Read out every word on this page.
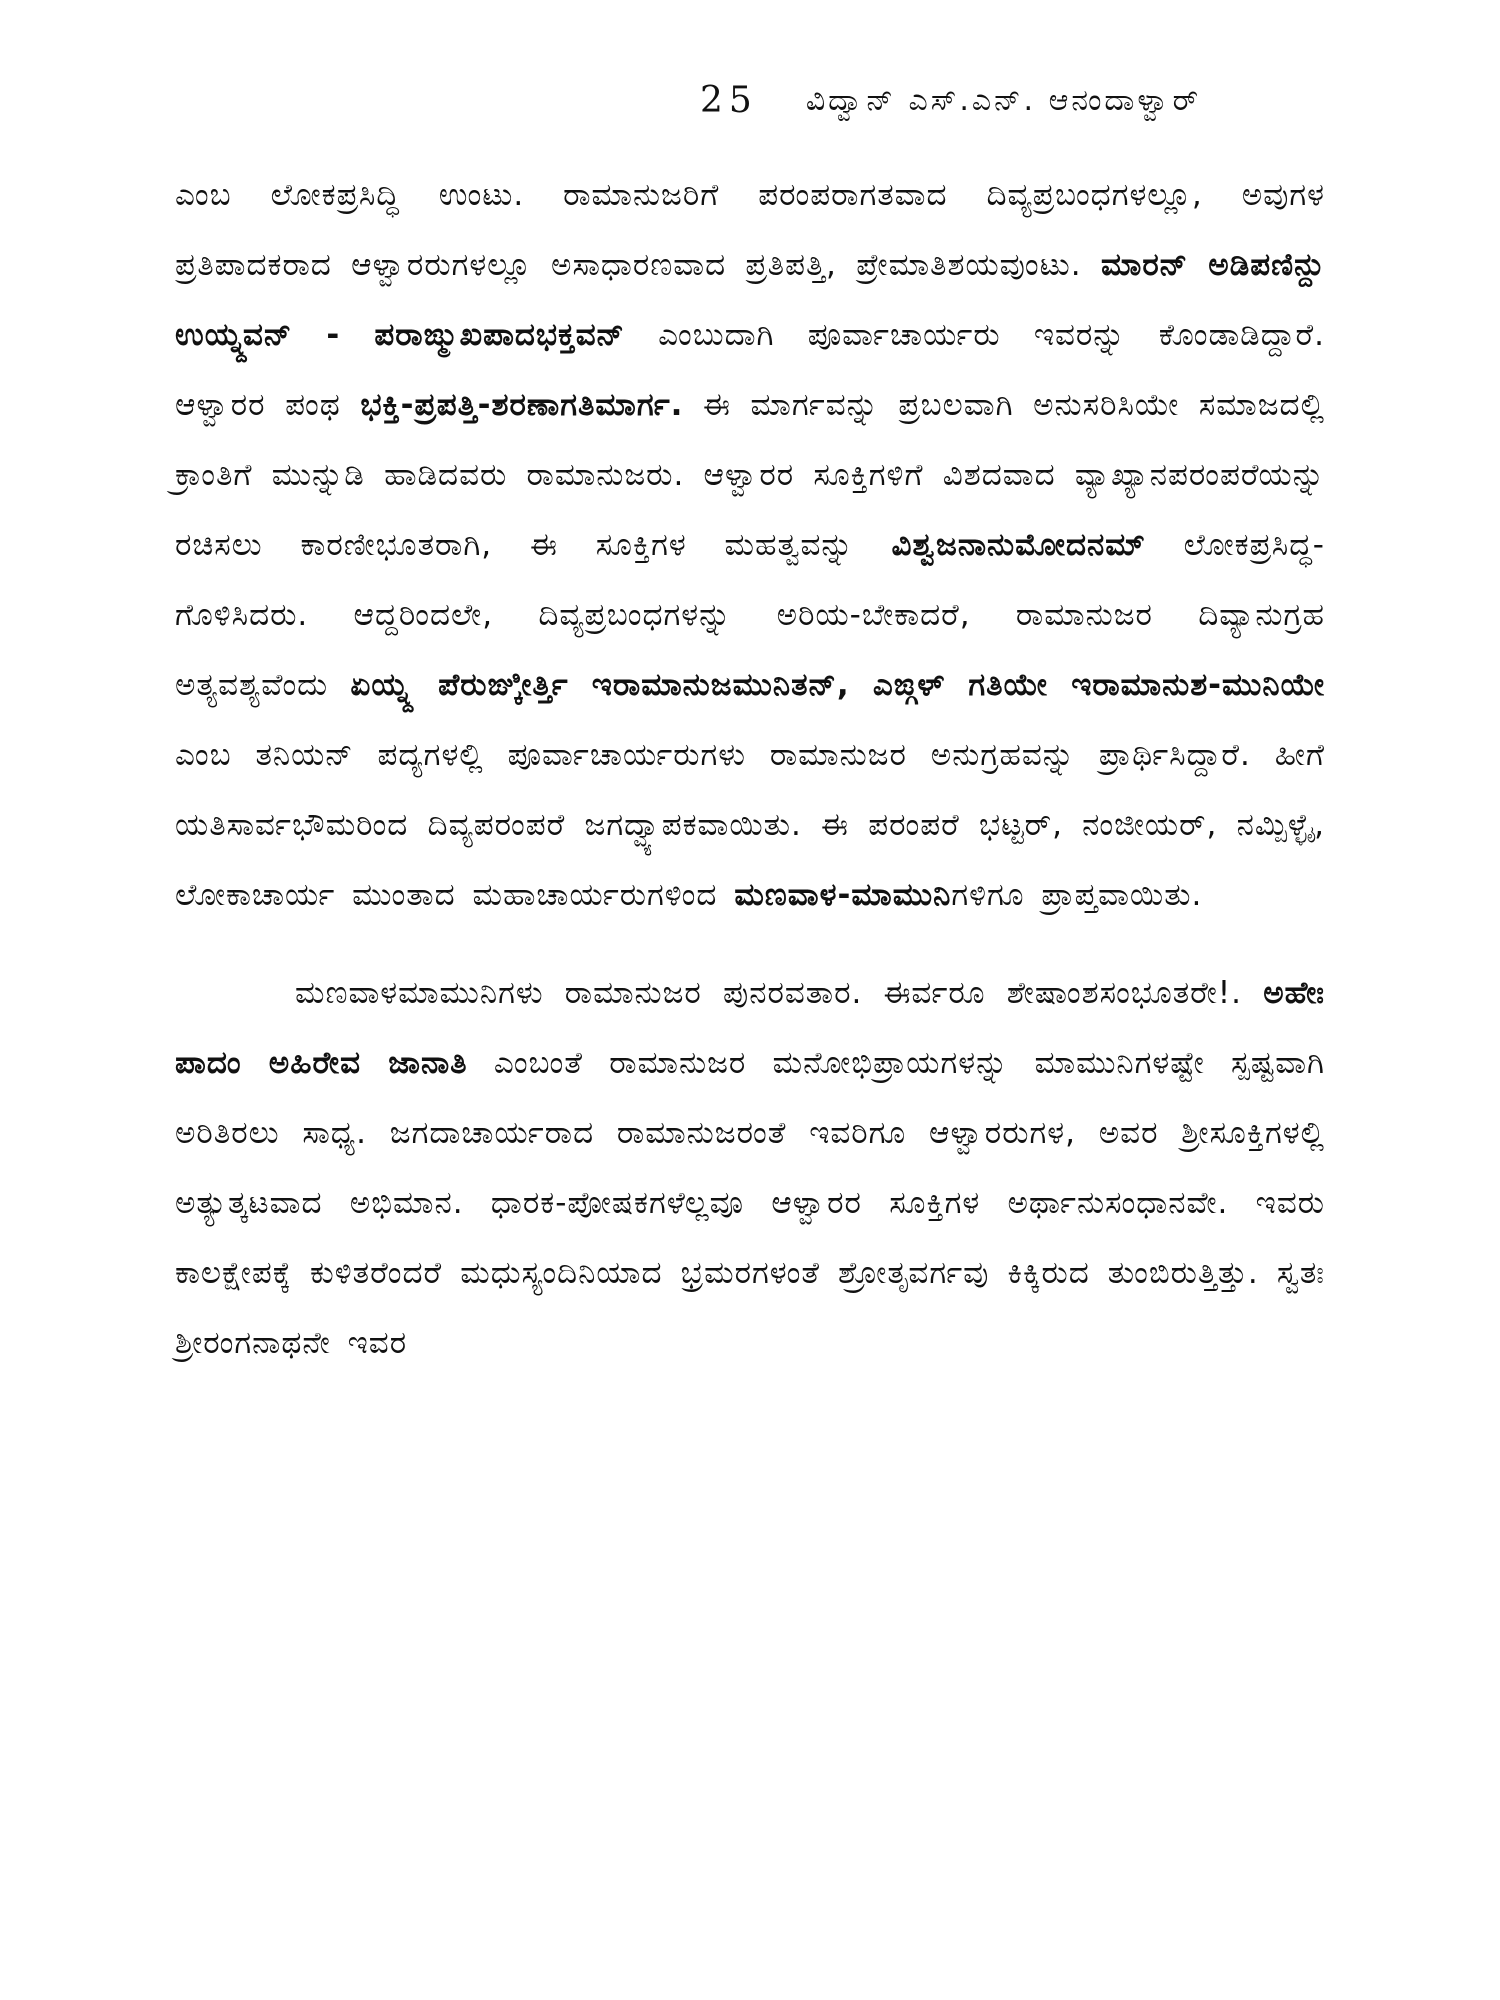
25 ವಿದ್ವಾನ್ ಎಸ್.ಎನ್. ಆನಂದಾಳ್ವಾರ್

ಎಂಬ ಲೋಕಪ್ರಸಿದ್ಧಿ ಉಂಟು. ರಾಮಾನುಜರಿಗೆ ಪರಂಪರಾಗತವಾದ ದಿವ್ಯಪ್ರಬಂಧಗಳಲ್ಲೂ, ಅವುಗಳ ಪ್ರತಿಪಾದಕರಾದ ಆಳ್ವಾರರುಗಳಲ್ಲೂ ಅಸಾಧಾರಣವಾದ ಪ್ರತಿಪತ್ತಿ, ಪ್ರೇಮಾತಿಶಯವುಂಟು. ಮಾರನ್ ಅಡಿಪಣಿನ್ದು ಉಯ್ನ್ದವನ್ - ಪರಾಙ್ಮುಖಪಾದಭಕ್ತವನ್ ಎಂಬುದಾಗಿ ಪೂರ್ವಾಚಾರ್ಯರು ಇವರನ್ನು ಕೊಂಡಾಡಿದ್ದಾರೆ. ಆಳ್ವಾರರ ಪಂಥ ಭಕ್ತಿ-ಪ್ರಪತ್ತಿ-ಶರಣಾಗತಿಮಾರ್ಗ. ಈ ಮಾರ್ಗವನ್ನು ಪ್ರಬಲವಾಗಿ ಅನುಸರಿಸಿಯೇ ಸಮಾಜದಲ್ಲಿ ಕ್ರಾಂತಿಗೆ ಮುನ್ನುಡಿ ಹಾಡಿದವರು ರಾಮಾನುಜರು. ಆಳ್ವಾರರ ಸೂಕ್ತಿಗಳಿಗೆ ವಿಶದವಾದ ವ್ಯಾಖ್ಯಾನಪರಂಪರೆಯನ್ನು ರಚಿಸಲು ಕಾರಣೀಭೂತರಾಗಿ, ಈ ಸೂಕ್ತಿಗಳ ಮಹತ್ವವನ್ನು ವಿಶ್ವಜನಾನುಮೋದನಮ್ ಲೋಕಪ್ರಸಿದ್ಧ-ಗೊಳಿಸಿದರು. ಆದ್ದರಿಂದಲೇ, ದಿವ್ಯಪ್ರಬಂಧಗಳನ್ನು ಅರಿಯ-ಬೇಕಾದರೆ, ರಾಮಾನುಜರ ದಿವ್ಯಾನುಗ್ರಹ ಅತ್ಯವಶ್ಯವೆಂದು ಏಯ್ನ್ದ ಪೆರುಙ್ಕೀರ್ತ್ತಿ ಇರಾಮಾನುಜಮುನಿತನ್, ಎಙ್ಗಳ್ ಗತಿಯೇ ಇರಾಮಾನುಶ-ಮುನಿಯೇ ಎಂಬ ತನಿಯನ್ ಪದ್ಯಗಳಲ್ಲಿ ಪೂರ್ವಾಚಾರ್ಯರುಗಳು ರಾಮಾನುಜರ ಅನುಗ್ರಹವನ್ನು ಪ್ರಾರ್ಥಿಸಿದ್ದಾರೆ. ಹೀಗೆ ಯತಿಸಾರ್ವಭೌಮರಿಂದ ದಿವ್ಯಪರಂಪರೆ ಜಗದ್ವ್ಯಾಪಕವಾಯಿತು. ಈ ಪರಂಪರೆ ಭಟ್ಟರ್, ನಂಜೀಯರ್, ನಮ್ಪಿಳ್ಳೈ, ಲೋಕಾಚಾರ್ಯ ಮುಂತಾದ ಮಹಾಚಾರ್ಯರುಗಳಿಂದ ಮಣವಾಳ-ಮಾಮುನಿಗಳಿಗೂ ಪ್ರಾಪ್ತವಾಯಿತು.

ಮಣವಾಳಮಾಮುನಿಗಳು ರಾಮಾನುಜರ ಪುನರವತಾರ. ಈರ್ವರೂ ಶೇಷಾಂಶಸಂಭೂತರೇ!. ಅಹೇಃ ಪಾದಂ ಅಹಿರೇವ ಜಾನಾತಿ ಎಂಬಂತೆ ರಾಮಾನುಜರ ಮನೋಭಿಪ್ರಾಯಗಳನ್ನು ಮಾಮುನಿಗಳಷ್ಟೇ ಸ್ಪಷ್ಟವಾಗಿ ಅರಿತಿರಲು ಸಾಧ್ಯ. ಜಗದಾಚಾರ್ಯರಾದ ರಾಮಾನುಜರಂತೆ ಇವರಿಗೂ ಆಳ್ವಾರರುಗಳ, ಅವರ ಶ್ರೀಸೂಕ್ತಿಗಳಲ್ಲಿ ಅತ್ಯುತ್ಕಟವಾದ ಅಭಿಮಾನ. ಧಾರಕ-ಪೋಷಕಗಳೆಲ್ಲವೂ ಆಳ್ವಾರರ ಸೂಕ್ತಿಗಳ ಅರ್ಥಾನುಸಂಧಾನವೇ. ಇವರು ಕಾಲಕ್ಷೇಪಕ್ಕೆ ಕುಳಿತರೆಂದರೆ ಮಧುಸ್ಯಂದಿನಿಯಾದ ಭ್ರಮರಗಳಂತೆ ಶ್ರೋತೃವರ್ಗವು ಕಿಕ್ಕಿರುದ ತುಂಬಿರುತ್ತಿತ್ತು. ಸ್ವತಃ ಶ್ರೀರಂಗನಾಥನೇ ಇವರ
